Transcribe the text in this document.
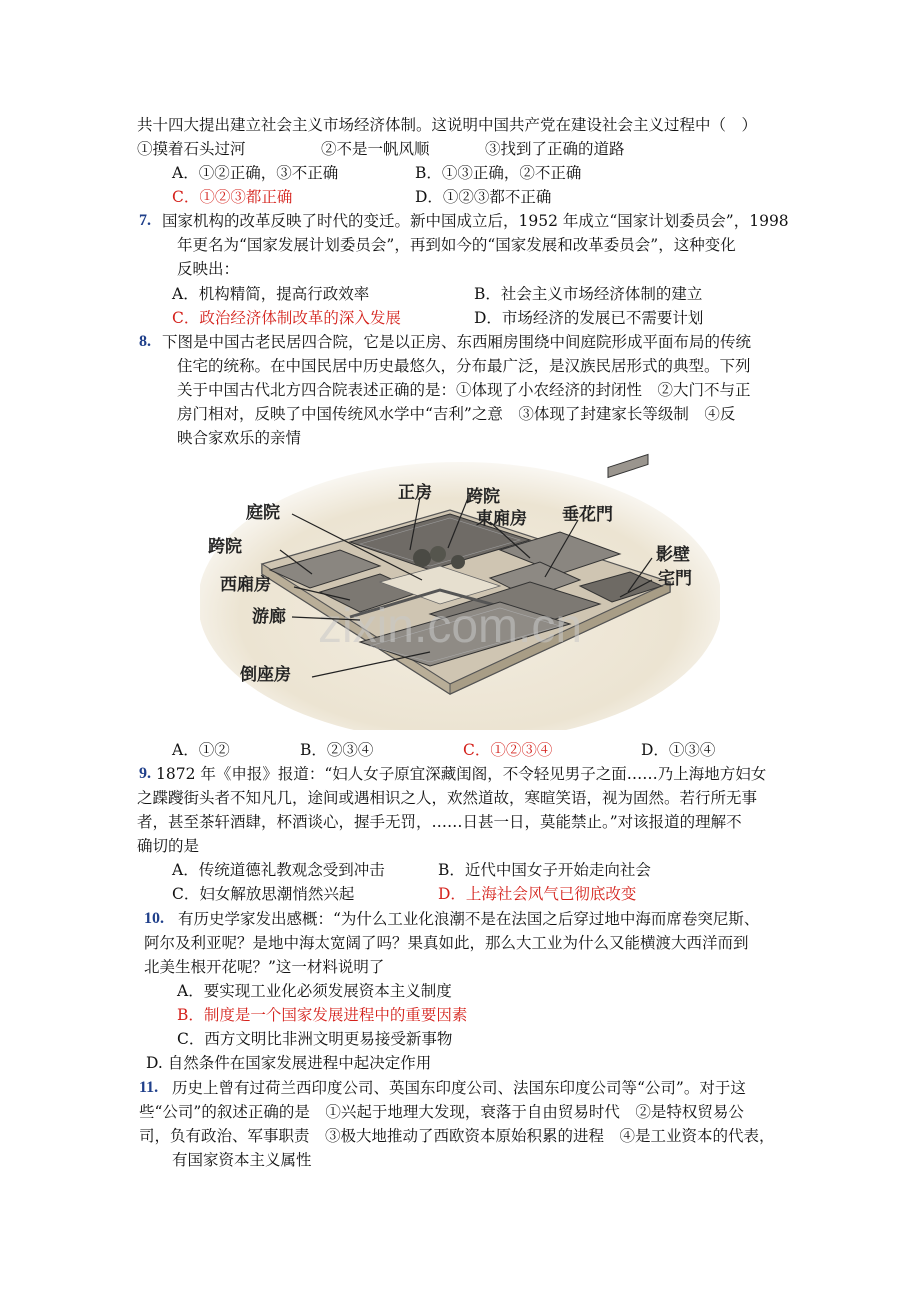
共十四大提出建立社会主义市场经济体制。这说明中国共产党在建设社会主义过程中（　）
①摸着石头过河	②不是一帆风顺	③找到了正确的道路
A．①②正确，③不正确	B．①③正确，②不正确
C．①②③都正确	D．①②③都不正确
7. 国家机构的改革反映了时代的变迁。新中国成立后，1952 年成立“国家计划委员会”，1998
年更名为“国家发展计划委员会”，再到如今的“国家发展和改革委员会”，这种变化
反映出：
A．机构精简，提高行政效率	B．社会主义市场经济体制的建立
C．政治经济体制改革的深入发展	D．市场经济的发展已不需要计划
8. 下图是中国古老民居四合院，它是以正房、东西厢房围绕中间庭院形成平面布局的传统
住宅的统称。在中国民居中历史最悠久，分布最广泛，是汉族民居形式的典型。下列
关于中国古代北方四合院表述正确的是：①体现了小农经济的封闭性　②大门不与正
房门相对，反映了中国传统风水学中“吉利”之意　③体现了封建家长等级制　④反
映合家欢乐的亲情
zixin.com.cn
正房 跨院
庭院	東廂房 垂花門
跨院	影壁
宅門
西廂房
游廊
倒座房
A．①②	B．②③④	C．①②③④	D．①③④
9. 1872 年《申报》报道：“妇人女子原宜深藏闺阁，不令轻见男子之面……乃上海地方妇女
之蹀躞街头者不知凡几，途间或遇相识之人，欢然道故，寒暄笑语，视为固然。若行所无事
者，甚至茶轩酒肆，杯酒谈心，握手无罚，……日甚一日，莫能禁止。”对该报道的理解不
确切的是
A．传统道德礼教观念受到冲击	B．近代中国女子开始走向社会
C．妇女解放思潮悄然兴起	D．上海社会风气已彻底改变
10. 有历史学家发出感概：“为什么工业化浪潮不是在法国之后穿过地中海而席卷突尼斯、
阿尔及利亚呢？是地中海太宽阔了吗？果真如此，那么大工业为什么又能横渡大西洋而到
北美生根开花呢？”这一材料说明了
A．要实现工业化必须发展资本主义制度
B．制度是一个国家发展进程中的重要因素
C．西方文明比非洲文明更易接受新事物
D. 自然条件在国家发展进程中起决定作用
11. 历史上曾有过荷兰西印度公司、英国东印度公司、法国东印度公司等“公司”。对于这
些“公司”的叙述正确的是　①兴起于地理大发现，衰落于自由贸易时代　②是特权贸易公
司，负有政治、军事职责　③极大地推动了西欧资本原始积累的进程　④是工业资本的代表，
有国家资本主义属性
